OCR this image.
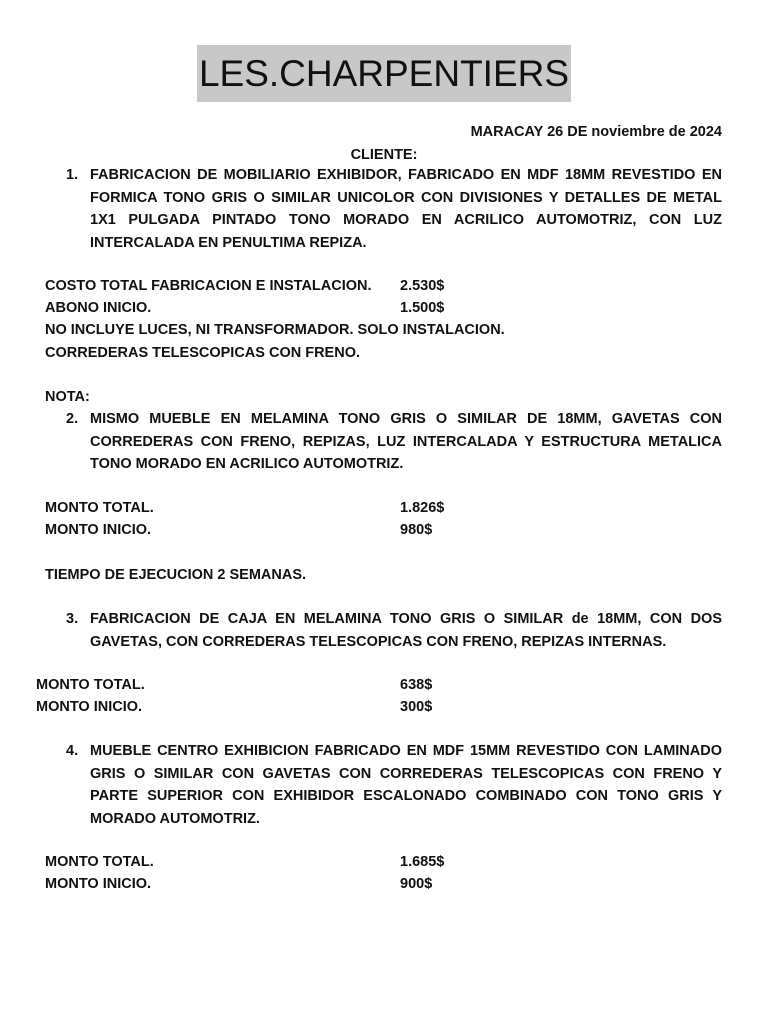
LES.CHARPENTIERS
MARACAY 26 DE noviembre de 2024
CLIENTE:
1. FABRICACION DE MOBILIARIO EXHIBIDOR, FABRICADO EN MDF 18MM REVESTIDO EN FORMICA TONO GRIS O SIMILAR UNICOLOR CON DIVISIONES Y DETALLES DE METAL 1X1 PULGADA PINTADO TONO MORADO EN ACRILICO AUTOMOTRIZ, CON LUZ INTERCALADA EN PENULTIMA REPIZA.
COSTO TOTAL FABRICACION E INSTALACION. 2.530$
ABONO INICIO.	1.500$
NO INCLUYE LUCES, NI TRANSFORMADOR. SOLO INSTALACION.
CORREDERAS TELESCOPICAS CON FRENO.
NOTA:
2. MISMO MUEBLE EN MELAMINA TONO GRIS O SIMILAR DE 18MM, GAVETAS CON CORREDERAS CON FRENO, REPIZAS, LUZ INTERCALADA Y ESTRUCTURA METALICA TONO MORADO EN ACRILICO AUTOMOTRIZ.
MONTO TOTAL.	1.826$
MONTO INICIO.	980$
TIEMPO DE EJECUCION 2 SEMANAS.
3. FABRICACION DE CAJA EN MELAMINA TONO GRIS O SIMILAR de 18MM, CON DOS GAVETAS, CON CORREDERAS TELESCOPICAS CON FRENO, REPIZAS INTERNAS.
MONTO TOTAL.	638$
MONTO INICIO.	300$
4. MUEBLE CENTRO EXHIBICION FABRICADO EN MDF 15MM REVESTIDO CON LAMINADO GRIS O SIMILAR CON GAVETAS CON CORREDERAS TELESCOPICAS CON FRENO Y PARTE SUPERIOR CON EXHIBIDOR ESCALONADO COMBINADO CON TONO GRIS Y MORADO AUTOMOTRIZ.
MONTO TOTAL.	1.685$
MONTO INICIO.	900$
